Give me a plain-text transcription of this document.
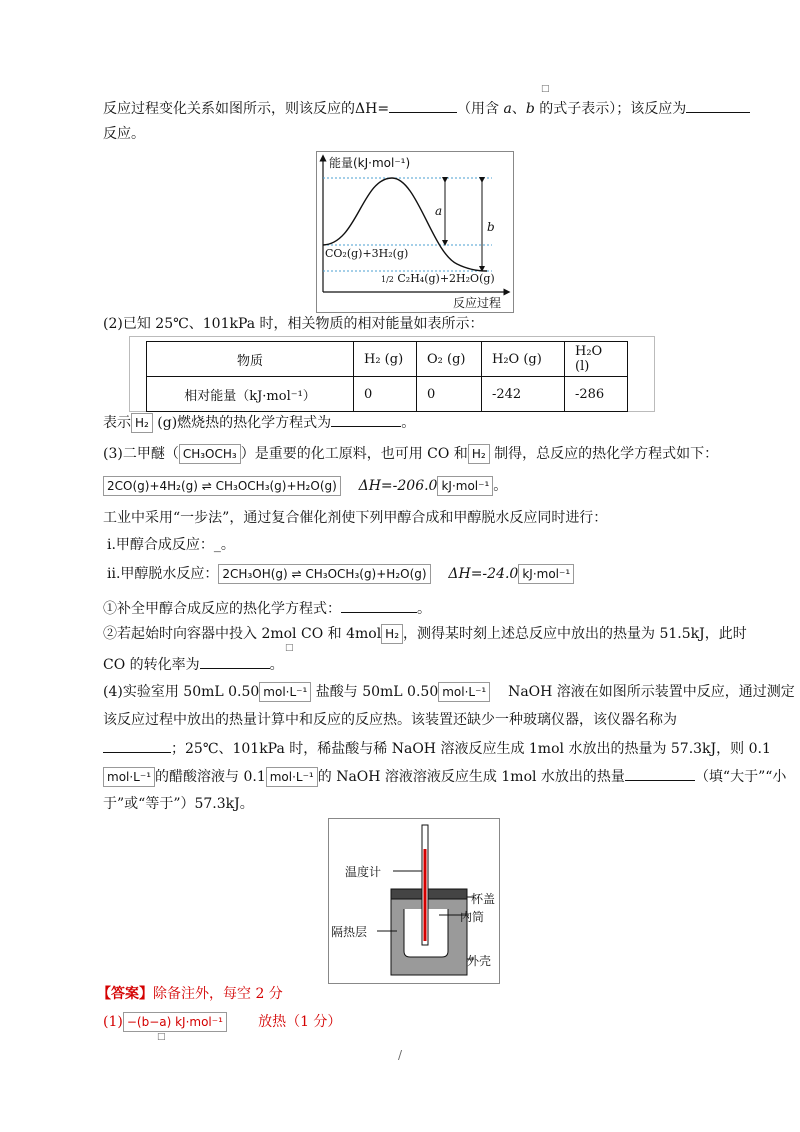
□
反应过程变化关系如图所示，则该反应的ΔH=	（用含 a、b 的式子表示）；该反应为
反应。
能量(kJ·mol⁻¹)
a
b
CO₂(g)+3H₂(g)
1/2 C₂H₄(g)+2H₂O(g)
反应过程
(2)已知 25℃、101kPa 时，相关物质的相对能量如表所示：
物质	H₂ (g)	O₂ (g)	H₂O (g)	H₂O (l)
相对能量（kJ·mol⁻¹）	0	0	-242	-286
表示 H₂ (g)燃烧热的热化学方程式为	。
(3)二甲醚（ CH₃OCH₃ ）是重要的化工原料，也可用 CO 和 H₂ 制得，总反应的热化学方程式如下：
2CO(g)+4H₂(g) ⇌ CH₃OCH₃(g)+H₂O(g) ΔH=-206.0 kJ·mol⁻¹ 。
工业中采用“一步法”，通过复合催化剂使下列甲醇合成和甲醇脱水反应同时进行：
ⅰ.甲醇合成反应：_。
ⅱ.甲醇脱水反应： 2CH₃OH(g) ⇌ CH₃OCH₃(g)+H₂O(g) ΔH=-24.0 kJ·mol⁻¹
①补全甲醇合成反应的热化学方程式：	。
②若起始时向容器中投入 2mol CO 和 4mol H₂ ，测得某时刻上述总反应中放出的热量为 51.5kJ，此时
□
CO 的转化率为	。
(4)实验室用 50mL 0.50 mol·L⁻¹ 盐酸与 50mL 0.50 mol·L⁻¹ NaOH 溶液在如图所示装置中反应，通过测定
该反应过程中放出的热量计算中和反应的反应热。该装置还缺少一种玻璃仪器，该仪器名称为
；25℃、101kPa 时，稀盐酸与稀 NaOH 溶液反应生成 1mol 水放出的热量为 57.3kJ，则 0.1
mol·L⁻¹ 的醋酸溶液与 0.1 mol·L⁻¹ 的 NaOH 溶液溶液反应生成 1mol 水放出的热量	（填“大于”“小
于”或“等于”）57.3kJ。
温度计
杯盖
内筒
隔热层
外壳
【答案】除备注外，每空 2 分
(1) −(b−a) kJ·mol⁻¹	放热（1 分）
□
/
